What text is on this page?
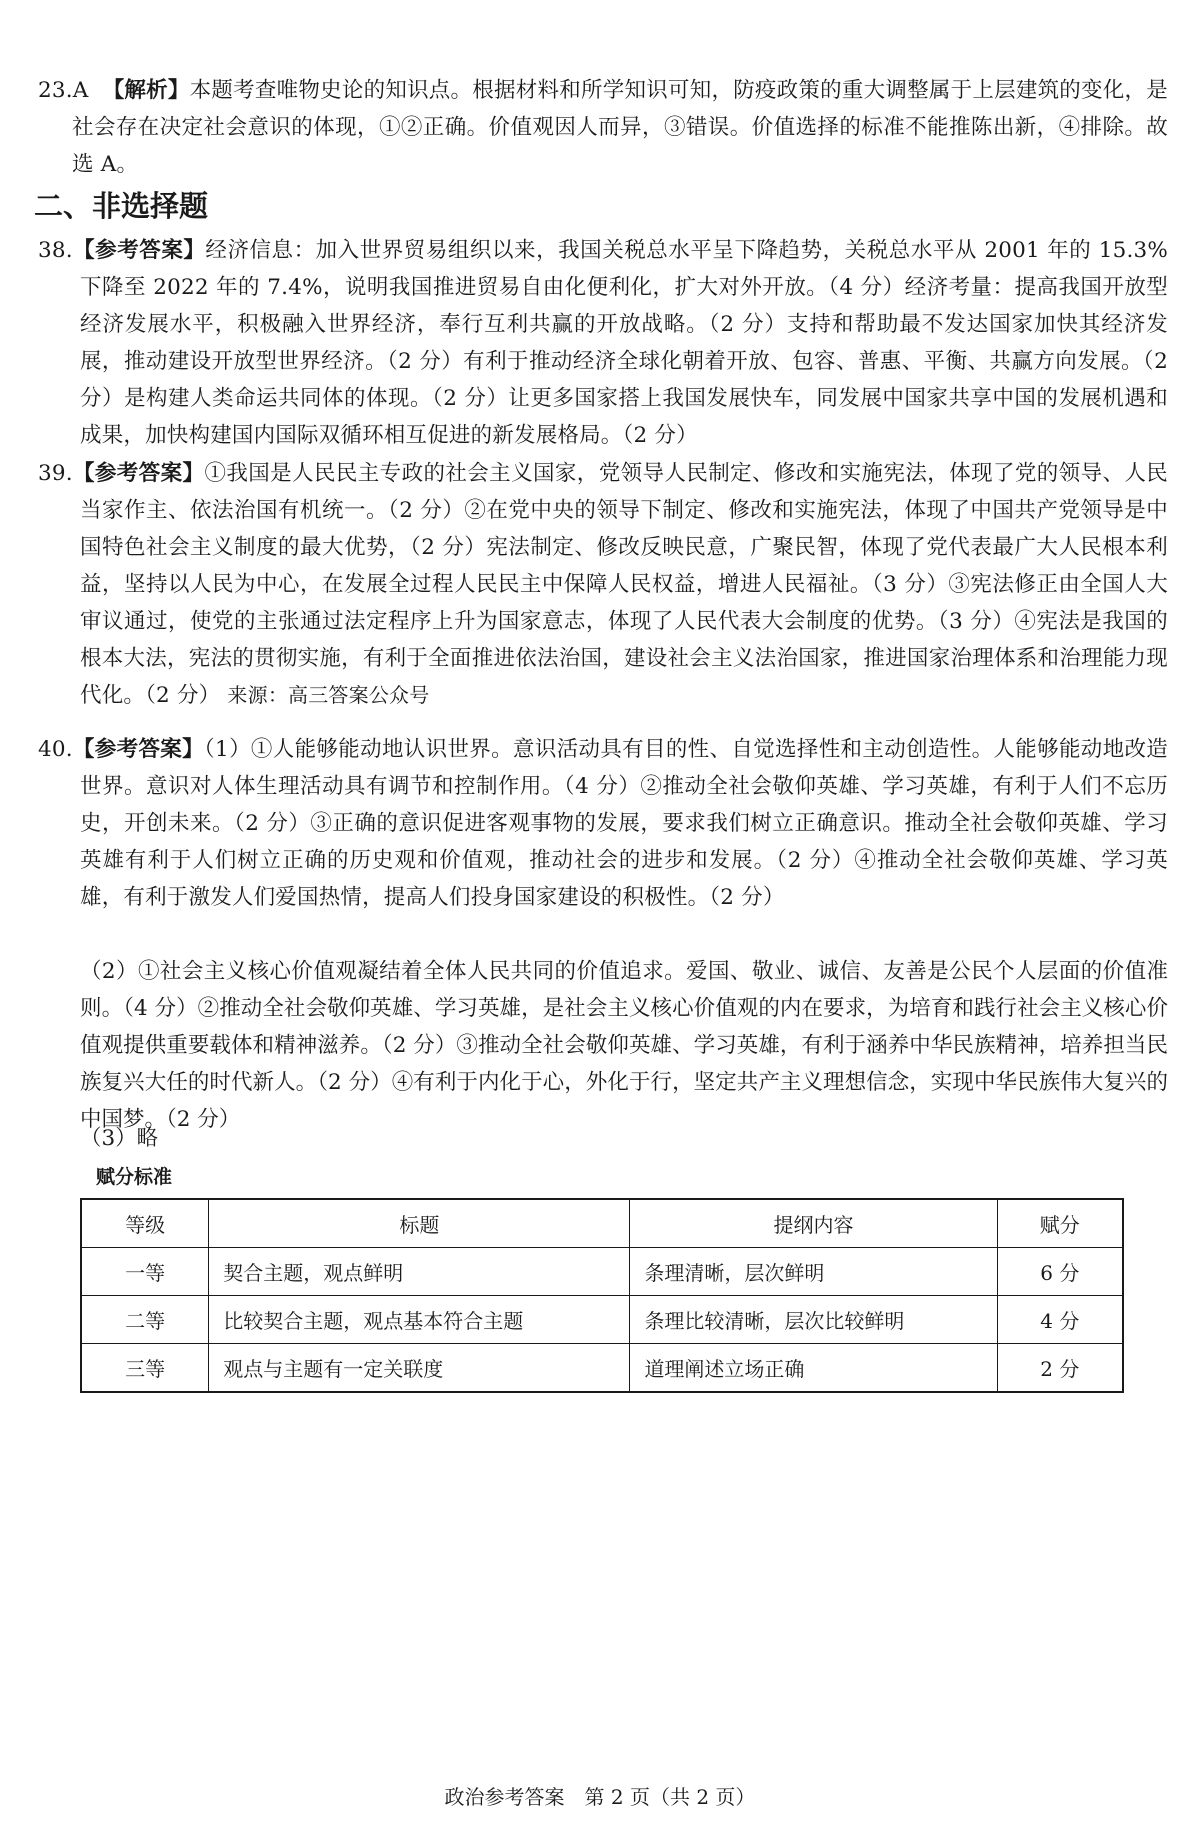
23.A 【解析】本题考查唯物史论的知识点。根据材料和所学知识可知，防疫政策的重大调整属于上层建筑的变化，是社会存在决定社会意识的体现，①②正确。价值观因人而异，③错误。价值选择的标准不能推陈出新，④排除。故选 A。
二、非选择题
38.【参考答案】经济信息：加入世界贸易组织以来，我国关税总水平呈下降趋势，关税总水平从 2001 年的 15.3%下降至 2022 年的 7.4%，说明我国推进贸易自由化便利化，扩大对外开放。（4 分）经济考量：提高我国开放型经济发展水平，积极融入世界经济，奉行互利共赢的开放战略。（2 分）支持和帮助最不发达国家加快其经济发展，推动建设开放型世界经济。（2 分）有利于推动经济全球化朝着开放、包容、普惠、平衡、共赢方向发展。（2 分）是构建人类命运共同体的体现。（2 分）让更多国家搭上我国发展快车，同发展中国家共享中国的发展机遇和成果，加快构建国内国际双循环相互促进的新发展格局。（2 分）
39.【参考答案】①我国是人民民主专政的社会主义国家，党领导人民制定、修改和实施宪法，体现了党的领导、人民当家作主、依法治国有机统一。（2 分）②在党中央的领导下制定、修改和实施宪法，体现了中国共产党领导是中国特色社会主义制度的最大优势，（2 分）宪法制定、修改反映民意，广聚民智，体现了党代表最广大人民根本利益，坚持以人民为中心，在发展全过程人民民主中保障人民权益，增进人民福祉。（3 分）③宪法修正由全国人大审议通过，使党的主张通过法定程序上升为国家意志，体现了人民代表大会制度的优势。（3 分）④宪法是我国的根本大法，宪法的贯彻实施，有利于全面推进依法治国，建设社会主义法治国家，推进国家治理体系和治理能力现代化。（2 分） 来源：高三答案公众号
40.【参考答案】（1）①人能够能动地认识世界。意识活动具有目的性、自觉选择性和主动创造性。人能够能动地改造世界。意识对人体生理活动具有调节和控制作用。（4 分）②推动全社会敬仰英雄、学习英雄，有利于人们不忘历史，开创未来。（2 分）③正确的意识促进客观事物的发展，要求我们树立正确意识。推动全社会敬仰英雄、学习英雄有利于人们树立正确的历史观和价值观，推动社会的进步和发展。（2 分）④推动全社会敬仰英雄、学习英雄，有利于激发人们爱国热情，提高人们投身国家建设的积极性。（2 分）
（2）①社会主义核心价值观凝结着全体人民共同的价值追求。爱国、敬业、诚信、友善是公民个人层面的价值准则。（4 分）②推动全社会敬仰英雄、学习英雄，是社会主义核心价值观的内在要求，为培育和践行社会主义核心价值观提供重要载体和精神滋养。（2 分）③推动全社会敬仰英雄、学习英雄，有利于涵养中华民族精神，培养担当民族复兴大任的时代新人。（2 分）④有利于内化于心，外化于行，坚定共产主义理想信念，实现中华民族伟大复兴的中国梦。（2 分）
（3）略
赋分标准
等级	标题	提纲内容	赋分
一等	契合主题，观点鲜明	条理清晰，层次鲜明	6 分
二等	比较契合主题，观点基本符合主题	条理比较清晰，层次比较鲜明	4 分
三等	观点与主题有一定关联度	道理阐述立场正确	2 分
政治参考答案　第 2 页（共 2 页）
